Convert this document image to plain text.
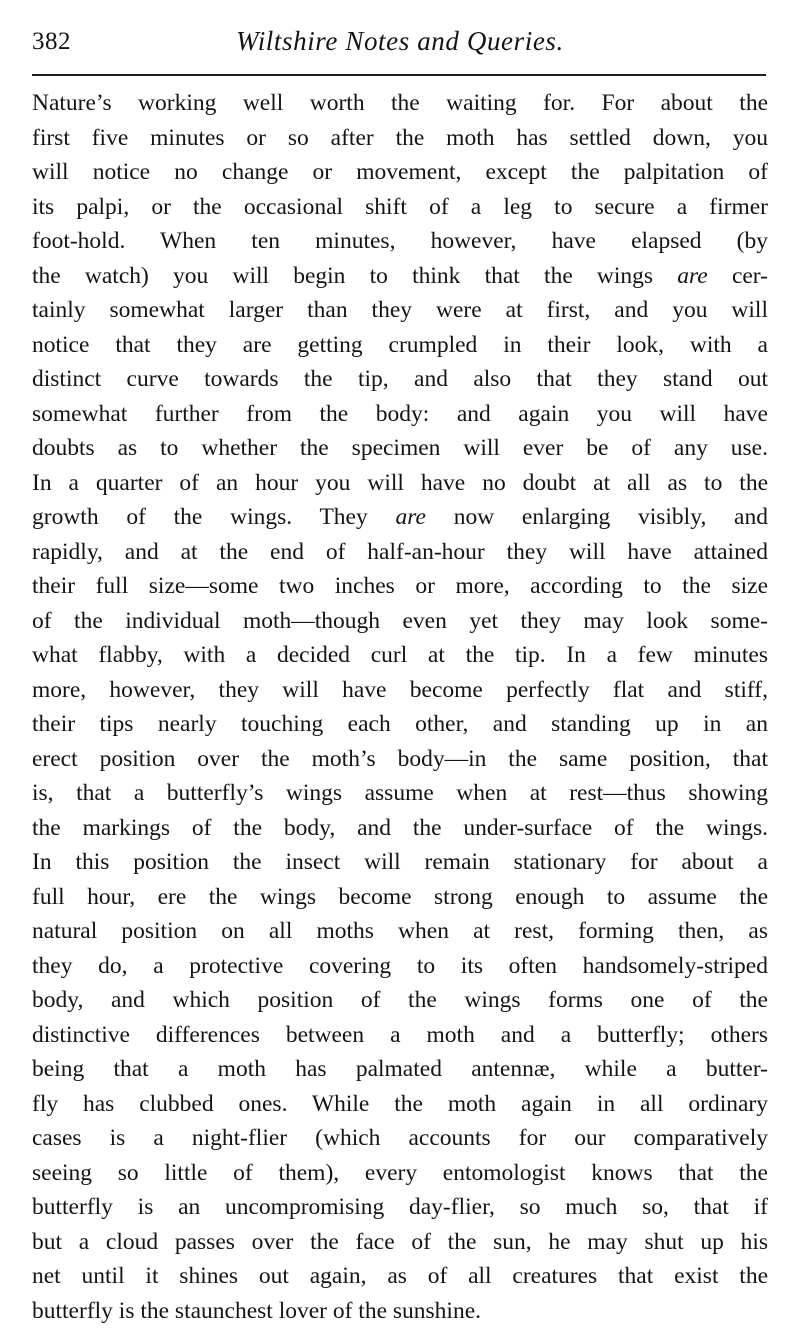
382	Wiltshire Notes and Queries.

Nature’s working well worth the waiting for. For about the
first five minutes or so after the moth has settled down, you
will notice no change or movement, except the palpitation of
its palpi, or the occasional shift of a leg to secure a firmer
foot-hold. When ten minutes, however, have elapsed (by
the watch) you will begin to think that the wings are cer-
tainly somewhat larger than they were at first, and you will
notice that they are getting crumpled in their look, with a
distinct curve towards the tip, and also that they stand out
somewhat further from the body: and again you will have
doubts as to whether the specimen will ever be of any use.
In a quarter of an hour you will have no doubt at all as to the
growth of the wings. They are now enlarging visibly, and
rapidly, and at the end of half-an-hour they will have attained
their full size—some two inches or more, according to the size
of the individual moth—though even yet they may look some-
what flabby, with a decided curl at the tip. In a few minutes
more, however, they will have become perfectly flat and stiff,
their tips nearly touching each other, and standing up in an
erect position over the moth’s body—in the same position, that
is, that a butterfly’s wings assume when at rest—thus showing
the markings of the body, and the under-surface of the wings.
In this position the insect will remain stationary for about a
full hour, ere the wings become strong enough to assume the
natural position on all moths when at rest, forming then, as
they do, a protective covering to its often handsomely-striped
body, and which position of the wings forms one of the
distinctive differences between a moth and a butterfly; others
being that a moth has palmated antennæ, while a butter-
fly has clubbed ones. While the moth again in all ordinary
cases is a night-flier (which accounts for our comparatively
seeing so little of them), every entomologist knows that the
butterfly is an uncompromising day-flier, so much so, that if
but a cloud passes over the face of the sun, he may shut up his
net until it shines out again, as of all creatures that exist the
butterfly is the staunchest lover of the sunshine.
